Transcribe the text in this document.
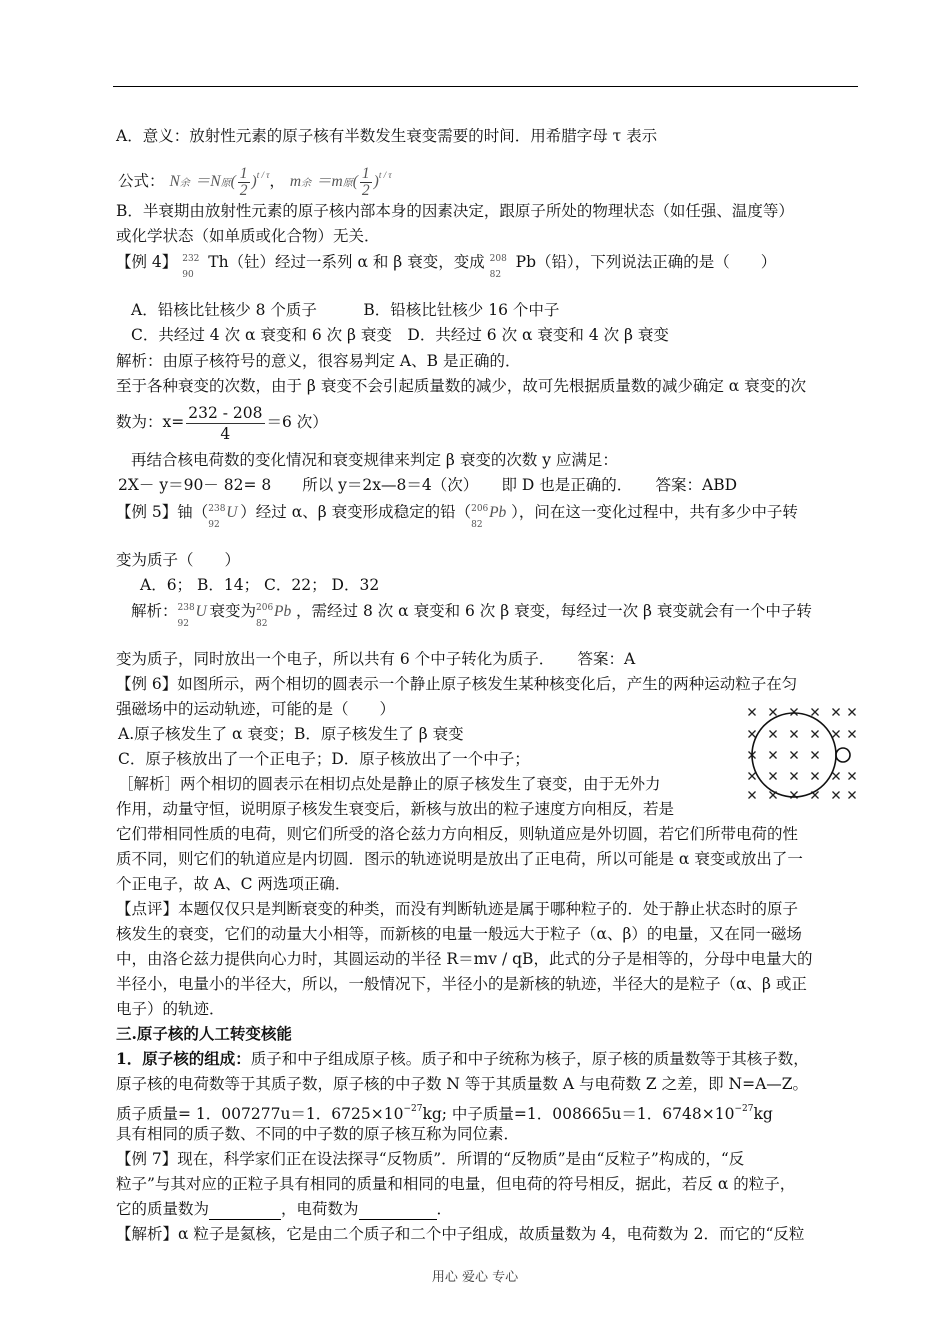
A．意义：放射性元素的原子核有半数发生衰变需要的时间．用希腊字母 τ 表示
公式： N余 ＝N原( $\frac{1}{2} )^{t / \tau}$， m余 ＝m原( $\frac{1}{2} )^{t / \tau}$
B．半衰期由放射性元素的原子核内部本身的因素决定，跟原子所处的物理状态（如任强、温度等）
或化学状态（如单质或化合物）无关．
【例 4】 232
90
Th（钍）经过一系列 α 和 β 衰变，变成 208
82
Pb（铅），下列说法正确的是（　　）
A．铅核比钍核少 8 个质子　　　B．铅核比钍核少 16 个中子
C．共经过 4 次 α 衰变和 6 次 β 衰变　D．共经过 6 次 α 衰变和 4 次 β 衰变
解析：由原子核符号的意义，很容易判定 A、B 是正确的．
至于各种衰变的次数，由于 β 衰变不会引起质量数的减少，故可先根据质量数的减少确定 α 衰变的次
数为：$x= \frac{232 - 208}{4} =6$ 次）
再结合核电荷数的变化情况和衰变规律来判定 β 衰变的次数 y 应满足：
2X－ y＝90－ 82= 8　　所以 y＝2x—8＝4（次）　　即 D 也是正确的．　　答案：ABD
【例 5】铀（ 238
92
U ）经过 α、β 衰变形成稳定的铅（ 206
82
Pb ），问在这一变化过程中，共有多少中子转
变为质子（　　）
A．6； B．14； C．22； D．32
解析： 238
92
U 衰变为 206
82
Pb ，需经过 8 次 α 衰变和 6 次 β 衰变，每经过一次 β 衰变就会有一个中子转
变为质子，同时放出一个电子，所以共有 6 个中子转化为质子．　　答案：A
【例 6】如图所示，两个相切的圆表示一个静止原子核发生某种核变化后，产生的两种运动粒子在匀
强磁场中的运动轨迹，可能的是（　　）
A.原子核发生了 α 衰变；B．原子核发生了 β 衰变
C．原子核放出了一个正电子；D．原子核放出了一个中子；
［解析］两个相切的圆表示在相切点处是静止的原子核发生了衰变，由于无外力
作用，动量守恒，说明原子核发生衰变后，新核与放出的粒子速度方向相反，若是
它们带相同性质的电荷，则它们所受的洛仑兹力方向相反，则轨道应是外切圆，若它们所带电荷的性
质不同，则它们的轨道应是内切圆．图示的轨迹说明是放出了正电荷，所以可能是 α 衰变或放出了一
个正电子，故 A、C 两选项正确．
【点评】本题仅仅只是判断衰变的种类，而没有判断轨迹是属于哪种粒子的．处于静止状态时的原子
核发生的衰变，它们的动量大小相等，而新核的电量一般远大于粒子（α、β）的电量，又在同一磁场
中，由洛仑兹力提供向心力时，其圆运动的半径 R＝mv / qB，此式的分子是相等的，分母中电量大的
半径小，电量小的半径大，所以，一般情况下，半径小的是新核的轨迹，半径大的是粒子（α、β 或正
电子）的轨迹．
三.原子核的人工转变核能
1．原子核的组成：质子和中子组成原子核。质子和中子统称为核子，原子核的质量数等于其核子数，
原子核的电荷数等于其质子数，原子核的中子数 N 等于其质量数 A 与电荷数 Z 之差，即 N=A—Z。
质子质量= 1．007277u＝1．$6725\times 10^{-27}kg$; 中子质量=1．008665u＝1．$6748\times 10^{-27}kg$
具有相同的质子数、不同的中子数的原子核互称为同位素．
【例 7】现在，科学家们正在设法探寻“反物质”．所谓的“反物质”是由“反粒子”构成的，“反
粒子”与其对应的正粒子具有相同的质量和相同的电量，但电荷的符号相反，据此，若反 α 的粒子，
它的质量数为	，电荷数为	．
【解析】α 粒子是氦核，它是由二个质子和二个中子组成，故质量数为 4，电荷数为 2．而它的“反粒
用心 爱心 专心
